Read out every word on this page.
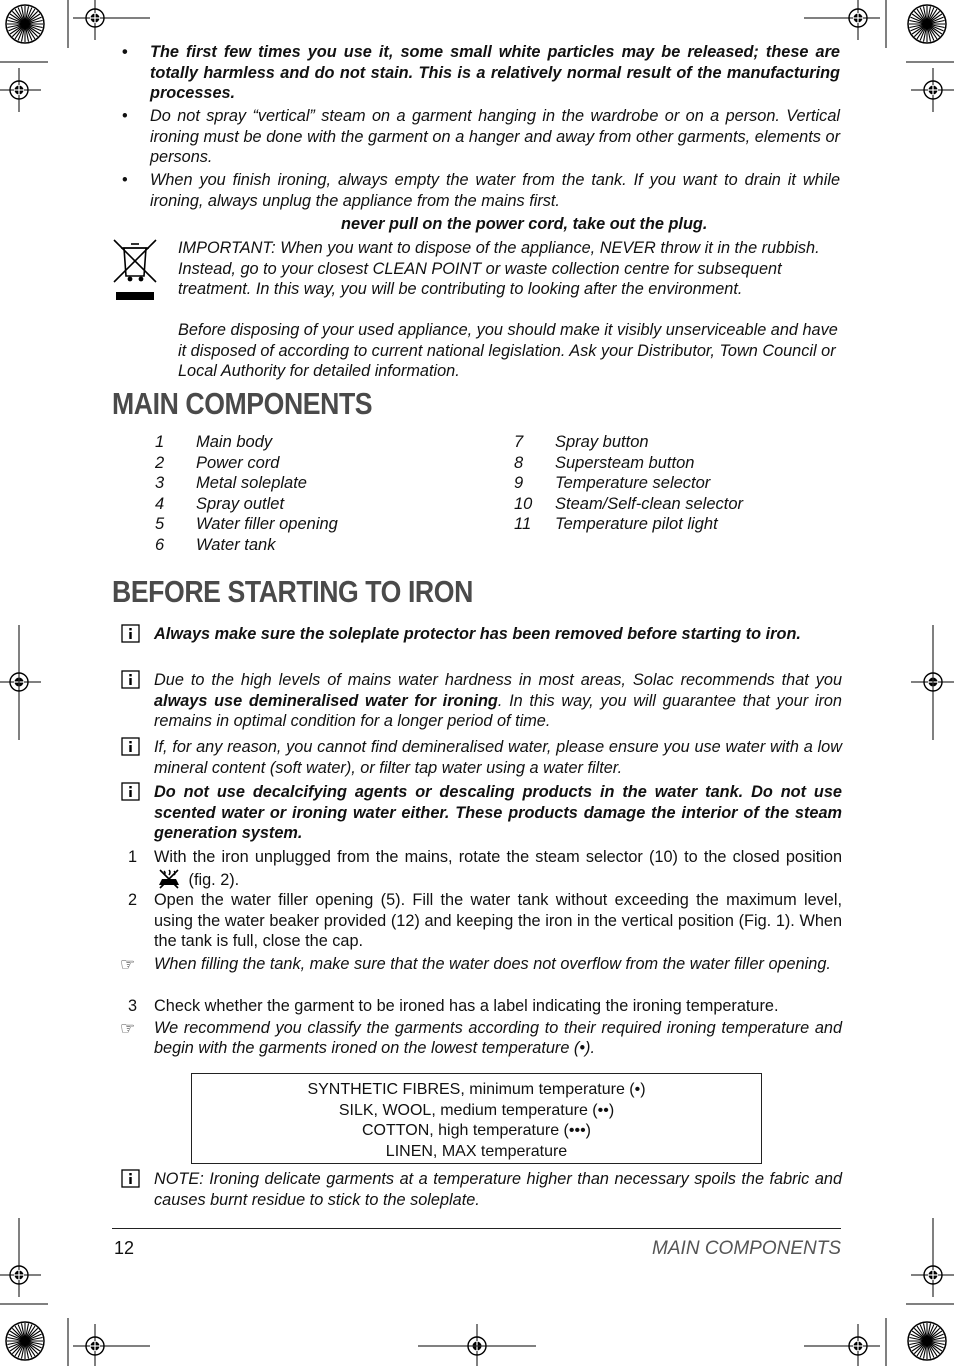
• The first few times you use it, some small white particles may be released; these are totally harmless and do not stain. This is a relatively normal result of the manufacturing processes.
• Do not spray “vertical” steam on a garment hanging in the wardrobe or on a person. Vertical ironing must be done with the garment on a hanger and away from other garments, elements or persons.
• When you finish ironing, always empty the water from the tank. If you want to drain it while ironing, always unplug the appliance from the mains first.
never pull on the power cord, take out the plug.
IMPORTANT: When you want to dispose of the appliance, NEVER throw it in the rubbish. Instead, go to your closest CLEAN POINT or waste collection centre for subsequent treatment. In this way, you will be contributing to looking after the environment.
Before disposing of your used appliance, you should make it visibly unserviceable and have it disposed of according to current national legislation. Ask your Distributor, Town Council or Local Authority for detailed information.
MAIN COMPONENTS
1	Main body
2	Power cord
3	Metal soleplate
4	Spray outlet
5	Water filler opening
6	Water tank
7	Spray button
8	Supersteam button
9	Temperature selector
10	Steam/Self-clean selector
11	Temperature pilot light
BEFORE STARTING TO IRON
Always make sure the soleplate protector has been removed before starting to iron.
Due to the high levels of mains water hardness in most areas, Solac recommends that you always use demineralised water for ironing. In this way, you will guarantee that your iron remains in optimal condition for a longer period of time.
If, for any reason, you cannot find demineralised water, please ensure you use water with a low mineral content (soft water), or filter tap water using a water filter.
Do not use decalcifying agents or descaling products in the water tank. Do not use scented water or ironing water either. These products damage the interior of the steam generation system.
1 With the iron unplugged from the mains, rotate the steam selector (10) to the closed position  (fig. 2).
2 Open the water filler opening (5). Fill the water tank without exceeding the maximum level, using the water beaker provided (12) and keeping the iron in the vertical position (Fig. 1). When the tank is full, close the cap.
☞ When filling the tank, make sure that the water does not overflow from the water filler opening.
3 Check whether the garment to be ironed has a label indicating the ironing temperature.
☞ We recommend you classify the garments according to their required ironing temperature and begin with the garments ironed on the lowest temperature (•).
SYNTHETIC FIBRES, minimum temperature (•)
SILK, WOOL, medium temperature (••)
COTTON, high temperature (•••)
LINEN, MAX temperature
NOTE: Ironing delicate garments at a temperature higher than necessary spoils the fabric and causes burnt residue to stick to the soleplate.
12	MAIN COMPONENTS
